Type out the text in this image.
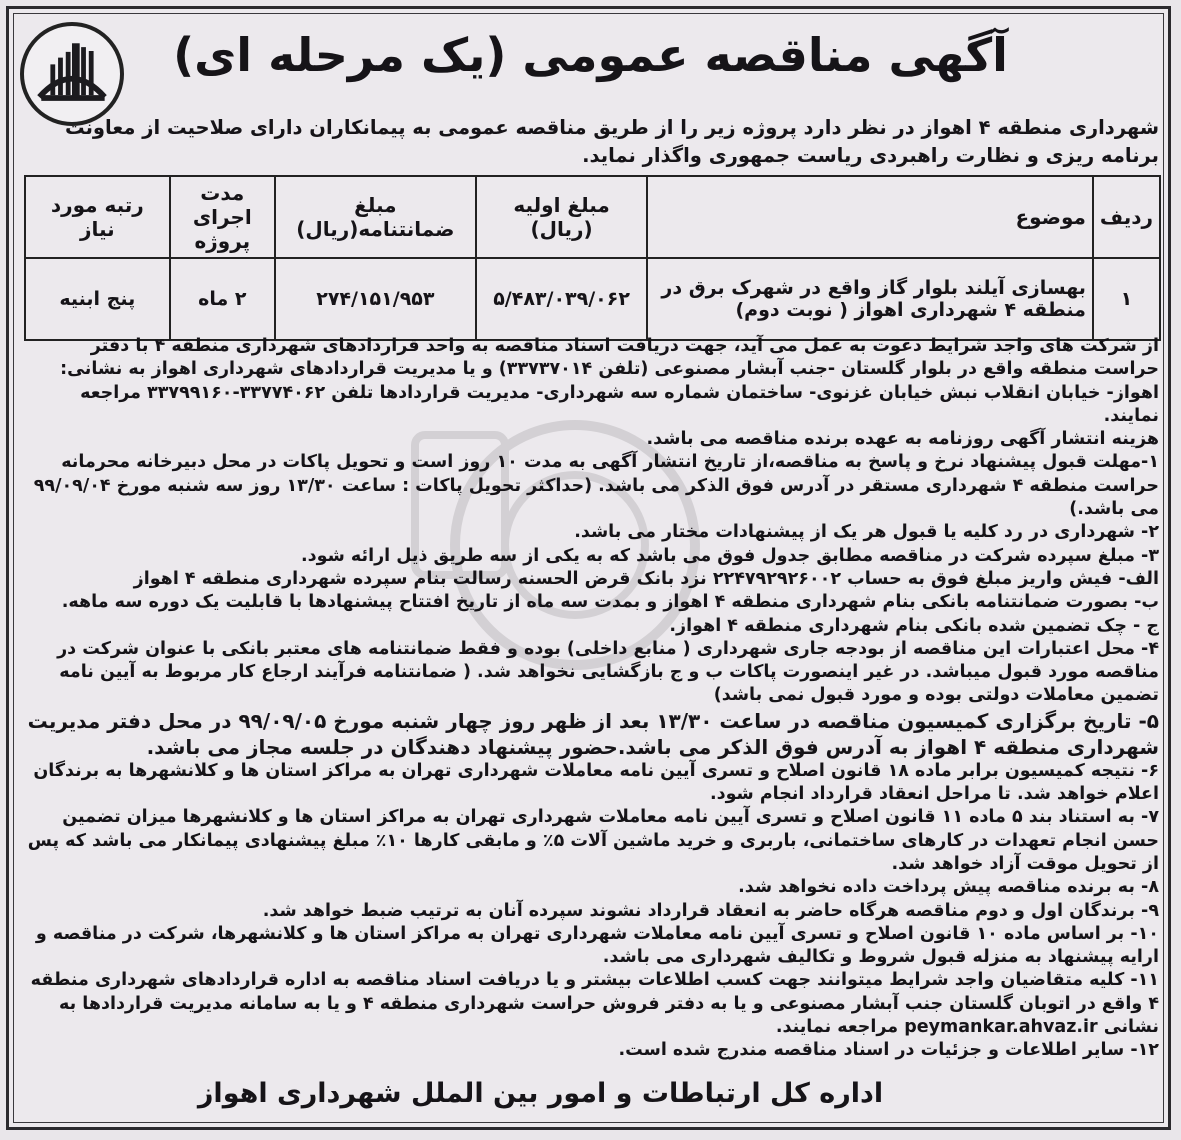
آگهی مناقصه عمومی (یک مرحله ای)
شهرداری منطقه ۴ اهواز در نظر دارد پروژه زیر را از طریق مناقصه عمومی به پیمانکاران دارای صلاحیت از معاونت برنامه ریزی و نظارت راهبردی ریاست جمهوری واگذار نماید.
ردیف	موضوع	مبلغ اولیه (ریال)	مبلغ ضمانتنامه(ریال)	مدت اجرای پروژه	رتبه مورد نیاز
۱	بهسازی آیلند بلوار گاز واقع در شهرک برق در منطقه ۴ شهرداری اهواز ( نوبت دوم)	۵/۴۸۳/۰۳۹/۰۶۲	۲۷۴/۱۵۱/۹۵۳	۲ ماه	پنج ابنیه

از شرکت های واجد شرایط دعوت به عمل می آید، جهت دریافت اسناد مناقصه به واحد قراردادهای شهرداری منطقه ۴ با دفتر حراست منطقه واقع در بلوار گلستان -جنب آبشار مصنوعی (تلفن ۳۳۷۳۷۰۱۴) و یا مدیریت قراردادهای شهرداری اهواز به نشانی: اهواز- خیابان انقلاب نبش خیابان غزنوی- ساختمان شماره سه شهرداری- مدیریت قراردادها تلفن ۳۳۷۷۴۰۶۲-۳۳۷۹۹۱۶۰ مراجعه نمایند.

هزینه انتشار آگهی روزنامه به عهده برنده مناقصه می باشد.

۱-مهلت قبول پیشنهاد نرخ و پاسخ به مناقصه،از تاریخ انتشار آگهی به مدت ۱۰ روز است و تحویل پاکات در محل دبیرخانه محرمانه حراست منطقه ۴ شهرداری مستقر در آدرس فوق الذکر می باشد. (حداکثر تحویل پاکات : ساعت ۱۳/۳۰ روز سه شنبه مورخ ۹۹/۰۹/۰۴ می باشد.)

۲- شهرداری در رد کلیه یا قبول هر یک از پیشنهادات مختار می باشد.

۳- مبلغ سپرده شرکت در مناقصه مطابق جدول فوق می باشد که به یکی از سه طریق ذیل ارائه شود.

الف- فیش واریز مبلغ فوق به حساب ۲۲۴۷۹۲۹۲۶۰۰۲ نزد بانک قرض الحسنه رسالت بنام سپرده شهرداری منطقه ۴ اهواز

ب- بصورت ضمانتنامه بانکی بنام شهرداری منطقه ۴ اهواز و بمدت سه ماه از تاریخ افتتاح پیشنهادها با قابلیت یک دوره سه ماهه.

ج - چک تضمین شده بانکی بنام شهرداری منطقه ۴ اهواز.

۴- محل اعتبارات این مناقصه از بودجه جاری شهرداری ( منابع داخلی) بوده و فقط ضمانتنامه های معتبر بانکی با عنوان شرکت در مناقصه مورد قبول میباشد. در غیر اینصورت پاکات ب و ج بازگشایی نخواهد شد. ( ضمانتنامه فرآیند ارجاع کار مربوط به آیین نامه تضمین معاملات دولتی بوده و مورد قبول نمی باشد)

۵- تاریخ برگزاری کمیسیون مناقصه در ساعت ۱۳/۳۰ بعد از ظهر روز چهار شنبه مورخ ۹۹/۰۹/۰۵ در محل دفتر مدیریت شهرداری منطقه ۴ اهواز به آدرس فوق الذکر می باشد.حضور پیشنهاد دهندگان در جلسه مجاز می باشد.

۶- نتیجه کمیسیون برابر ماده ۱۸ قانون اصلاح و تسری آیین نامه معاملات شهرداری تهران به مراکز استان ها و کلانشهرها به برندگان اعلام خواهد شد. تا مراحل انعقاد قرارداد انجام شود.

۷- به استناد بند ۵ ماده ۱۱ قانون اصلاح و تسری آیین نامه معاملات شهرداری تهران به مراکز استان ها و کلانشهرها میزان تضمین حسن انجام تعهدات در کارهای ساختمانی، باربری و خرید ماشین آلات ۵٪ و مابقی کارها ۱۰٪ مبلغ پیشنهادی پیمانکار می باشد که پس از تحویل موقت آزاد خواهد شد.

۸- به برنده مناقصه پیش پرداخت داده نخواهد شد.

۹- برندگان اول و دوم مناقصه هرگاه حاضر به انعقاد قرارداد نشوند سپرده آنان به ترتیب ضبط خواهد شد.

۱۰- بر اساس ماده ۱۰ قانون اصلاح و تسری آیین نامه معاملات شهرداری تهران به مراکز استان ها و کلانشهرها، شرکت در مناقصه و ارایه پیشنهاد به منزله قبول شروط و تکالیف شهرداری می باشد.

۱۱- کلیه متقاضیان واجد شرایط میتوانند جهت کسب اطلاعات بیشتر و یا دریافت اسناد مناقصه به اداره قراردادهای شهرداری منطقه ۴ واقع در اتوبان گلستان جنب آبشار مصنوعی و یا به دفتر فروش حراست شهرداری منطقه ۴ و یا به سامانه مدیریت قراردادها به نشانی peymankar.ahvaz.ir مراجعه نمایند.

۱۲- سایر اطلاعات و جزئیات در اسناد مناقصه مندرج شده است.

اداره کل ارتباطات و امور بین الملل شهرداری اهواز
